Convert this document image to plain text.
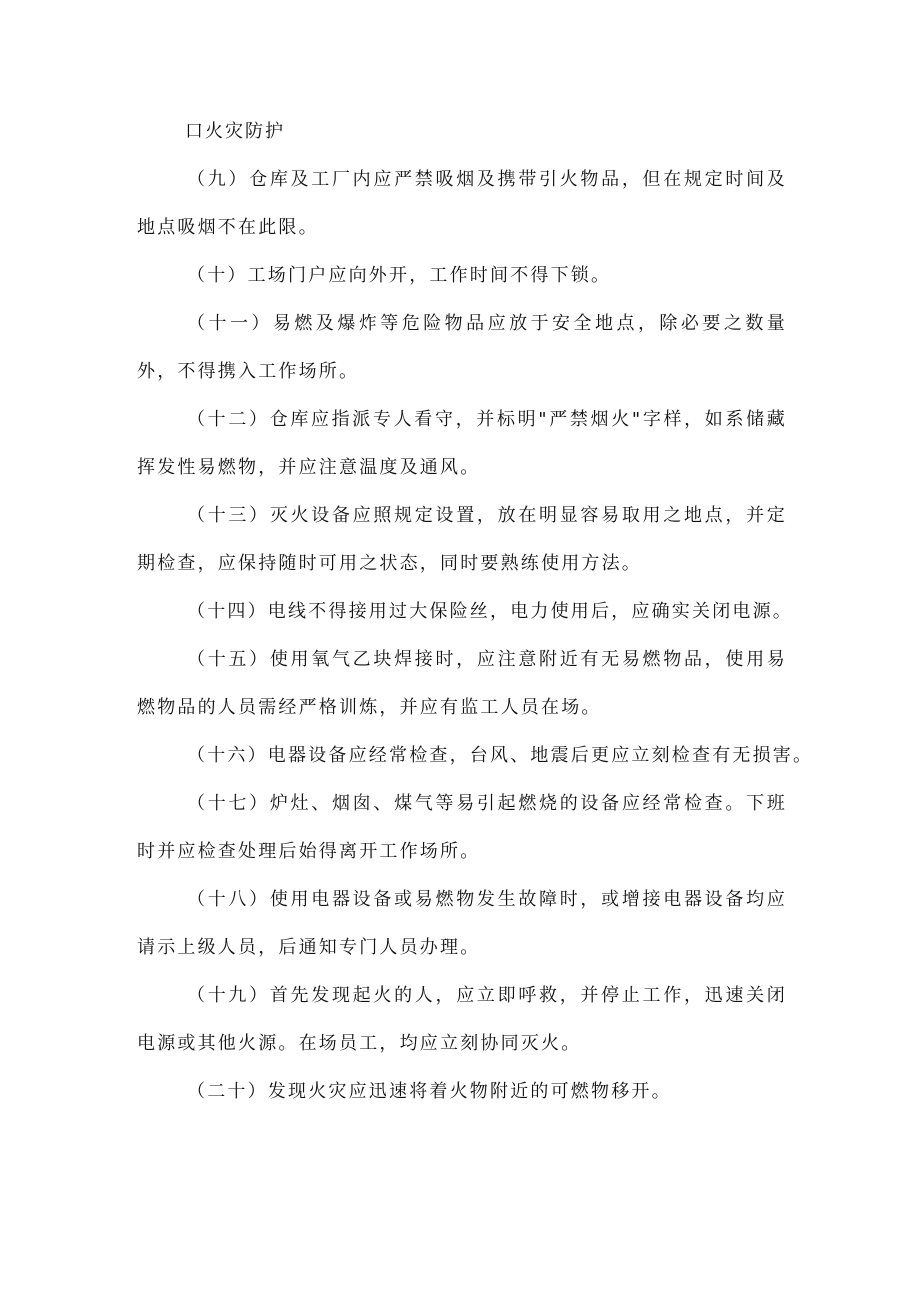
口火灾防护

（九）仓库及工厂内应严禁吸烟及携带引火物品，但在规定时间及地点吸烟不在此限。

（十）工场门户应向外开，工作时间不得下锁。

（十一）易燃及爆炸等危险物品应放于安全地点，除必要之数量外，不得携入工作场所。

（十二）仓库应指派专人看守，并标明"严禁烟火"字样，如系储藏挥发性易燃物，并应注意温度及通风。

（十三）灭火设备应照规定设置，放在明显容易取用之地点，并定期检查，应保持随时可用之状态，同时要熟练使用方法。

（十四）电线不得接用过大保险丝，电力使用后，应确实关闭电源。

（十五）使用氧气乙块焊接时，应注意附近有无易燃物品，使用易燃物品的人员需经严格训炼，并应有监工人员在场。

（十六）电器设备应经常检查，台风、地震后更应立刻检查有无损害。

（十七）炉灶、烟囱、煤气等易引起燃烧的设备应经常检查。下班时并应检查处理后始得离开工作场所。

（十八）使用电器设备或易燃物发生故障时，或增接电器设备均应请示上级人员，后通知专门人员办理。

（十九）首先发现起火的人，应立即呼救，并停止工作，迅速关闭电源或其他火源。在场员工，均应立刻协同灭火。

（二十）发现火灾应迅速将着火物附近的可燃物移开。
